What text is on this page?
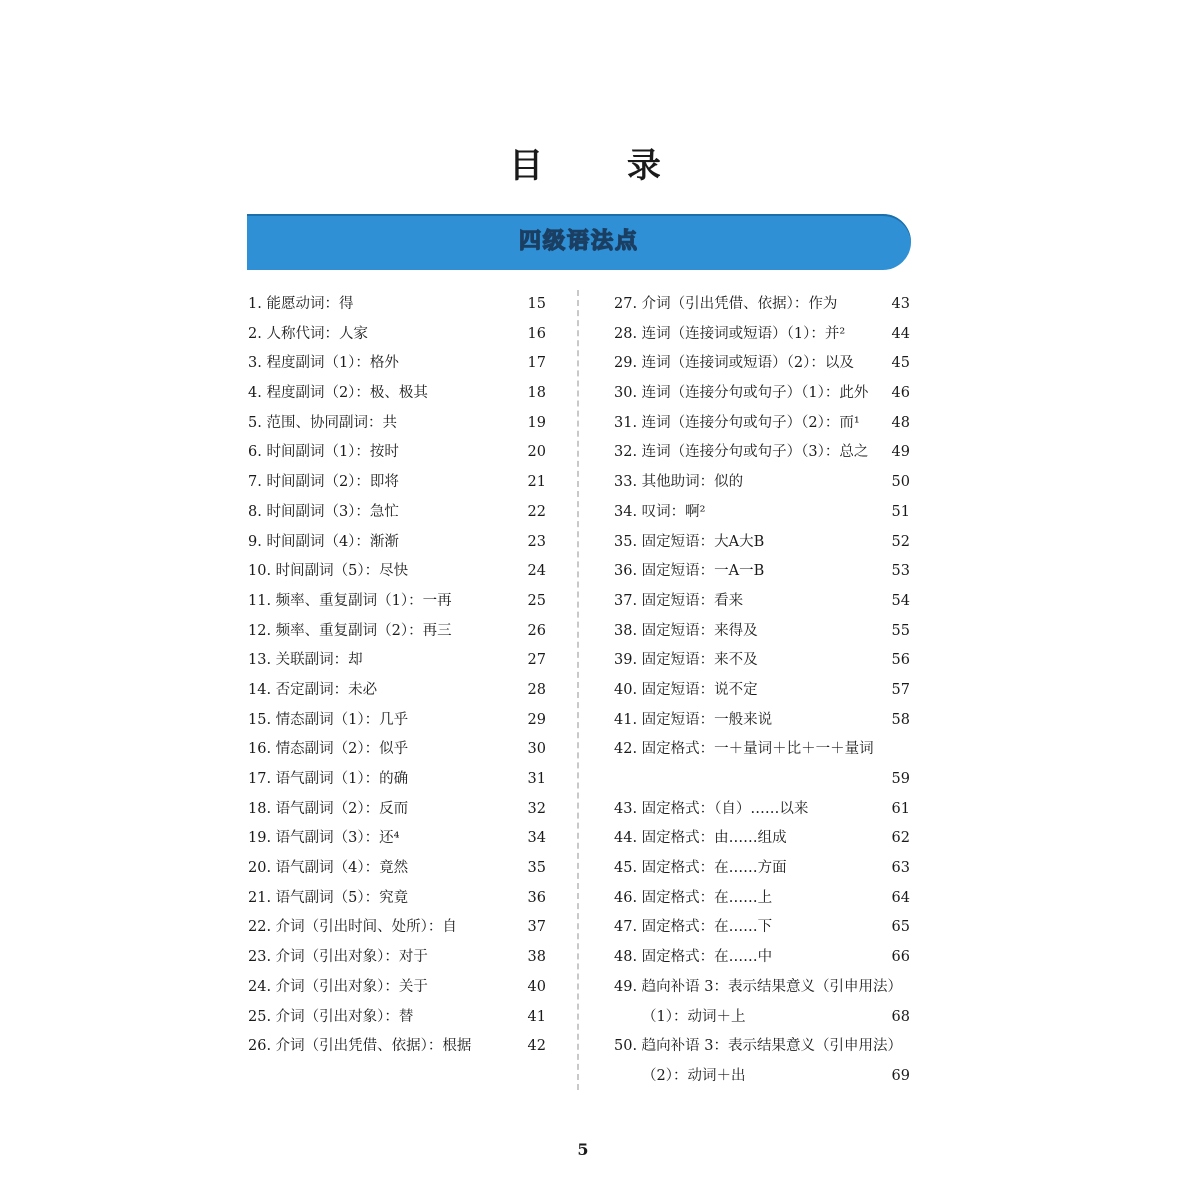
目 录
四级语法点
1. 能愿动词：得	15
2. 人称代词：人家	16
3. 程度副词（1）：格外	17
4. 程度副词（2）：极、极其	18
5. 范围、协同副词：共	19
6. 时间副词（1）：按时	20
7. 时间副词（2）：即将	21
8. 时间副词（3）：急忙	22
9. 时间副词（4）：渐渐	23
10. 时间副词（5）：尽快	24
11. 频率、重复副词（1）：一再	25
12. 频率、重复副词（2）：再三	26
13. 关联副词：却	27
14. 否定副词：未必	28
15. 情态副词（1）：几乎	29
16. 情态副词（2）：似乎	30
17. 语气副词（1）：的确	31
18. 语气副词（2）：反而	32
19. 语气副词（3）：还⁴	34
20. 语气副词（4）：竟然	35
21. 语气副词（5）：究竟	36
22. 介词（引出时间、处所）：自	37
23. 介词（引出对象）：对于	38
24. 介词（引出对象）：关于	40
25. 介词（引出对象）：替	41
26. 介词（引出凭借、依据）：根据	42
27. 介词（引出凭借、依据）：作为	43
28. 连词（连接词或短语）（1）：并²	44
29. 连词（连接词或短语）（2）：以及	45
30. 连词（连接分句或句子）（1）：此外 46
31. 连词（连接分句或句子）（2）：而¹ 48
32. 连词（连接分句或句子）（3）：总之 49
33. 其他助词：似的	50
34. 叹词：啊²	51
35. 固定短语：大A大B	52
36. 固定短语：一A一B	53
37. 固定短语：看来	54
38. 固定短语：来得及	55
39. 固定短语：来不及	56
40. 固定短语：说不定	57
41. 固定短语：一般来说	58
42. 固定格式：一＋量词＋比＋一＋量词
59
43. 固定格式：（自）……以来	61
44. 固定格式：由……组成	62
45. 固定格式：在……方面	63
46. 固定格式：在……上	64
47. 固定格式：在……下	65
48. 固定格式：在……中	66
49. 趋向补语 3：表示结果意义（引申用法）
（1）：动词＋上	68
50. 趋向补语 3：表示结果意义（引申用法）
（2）：动词＋出	69
5
